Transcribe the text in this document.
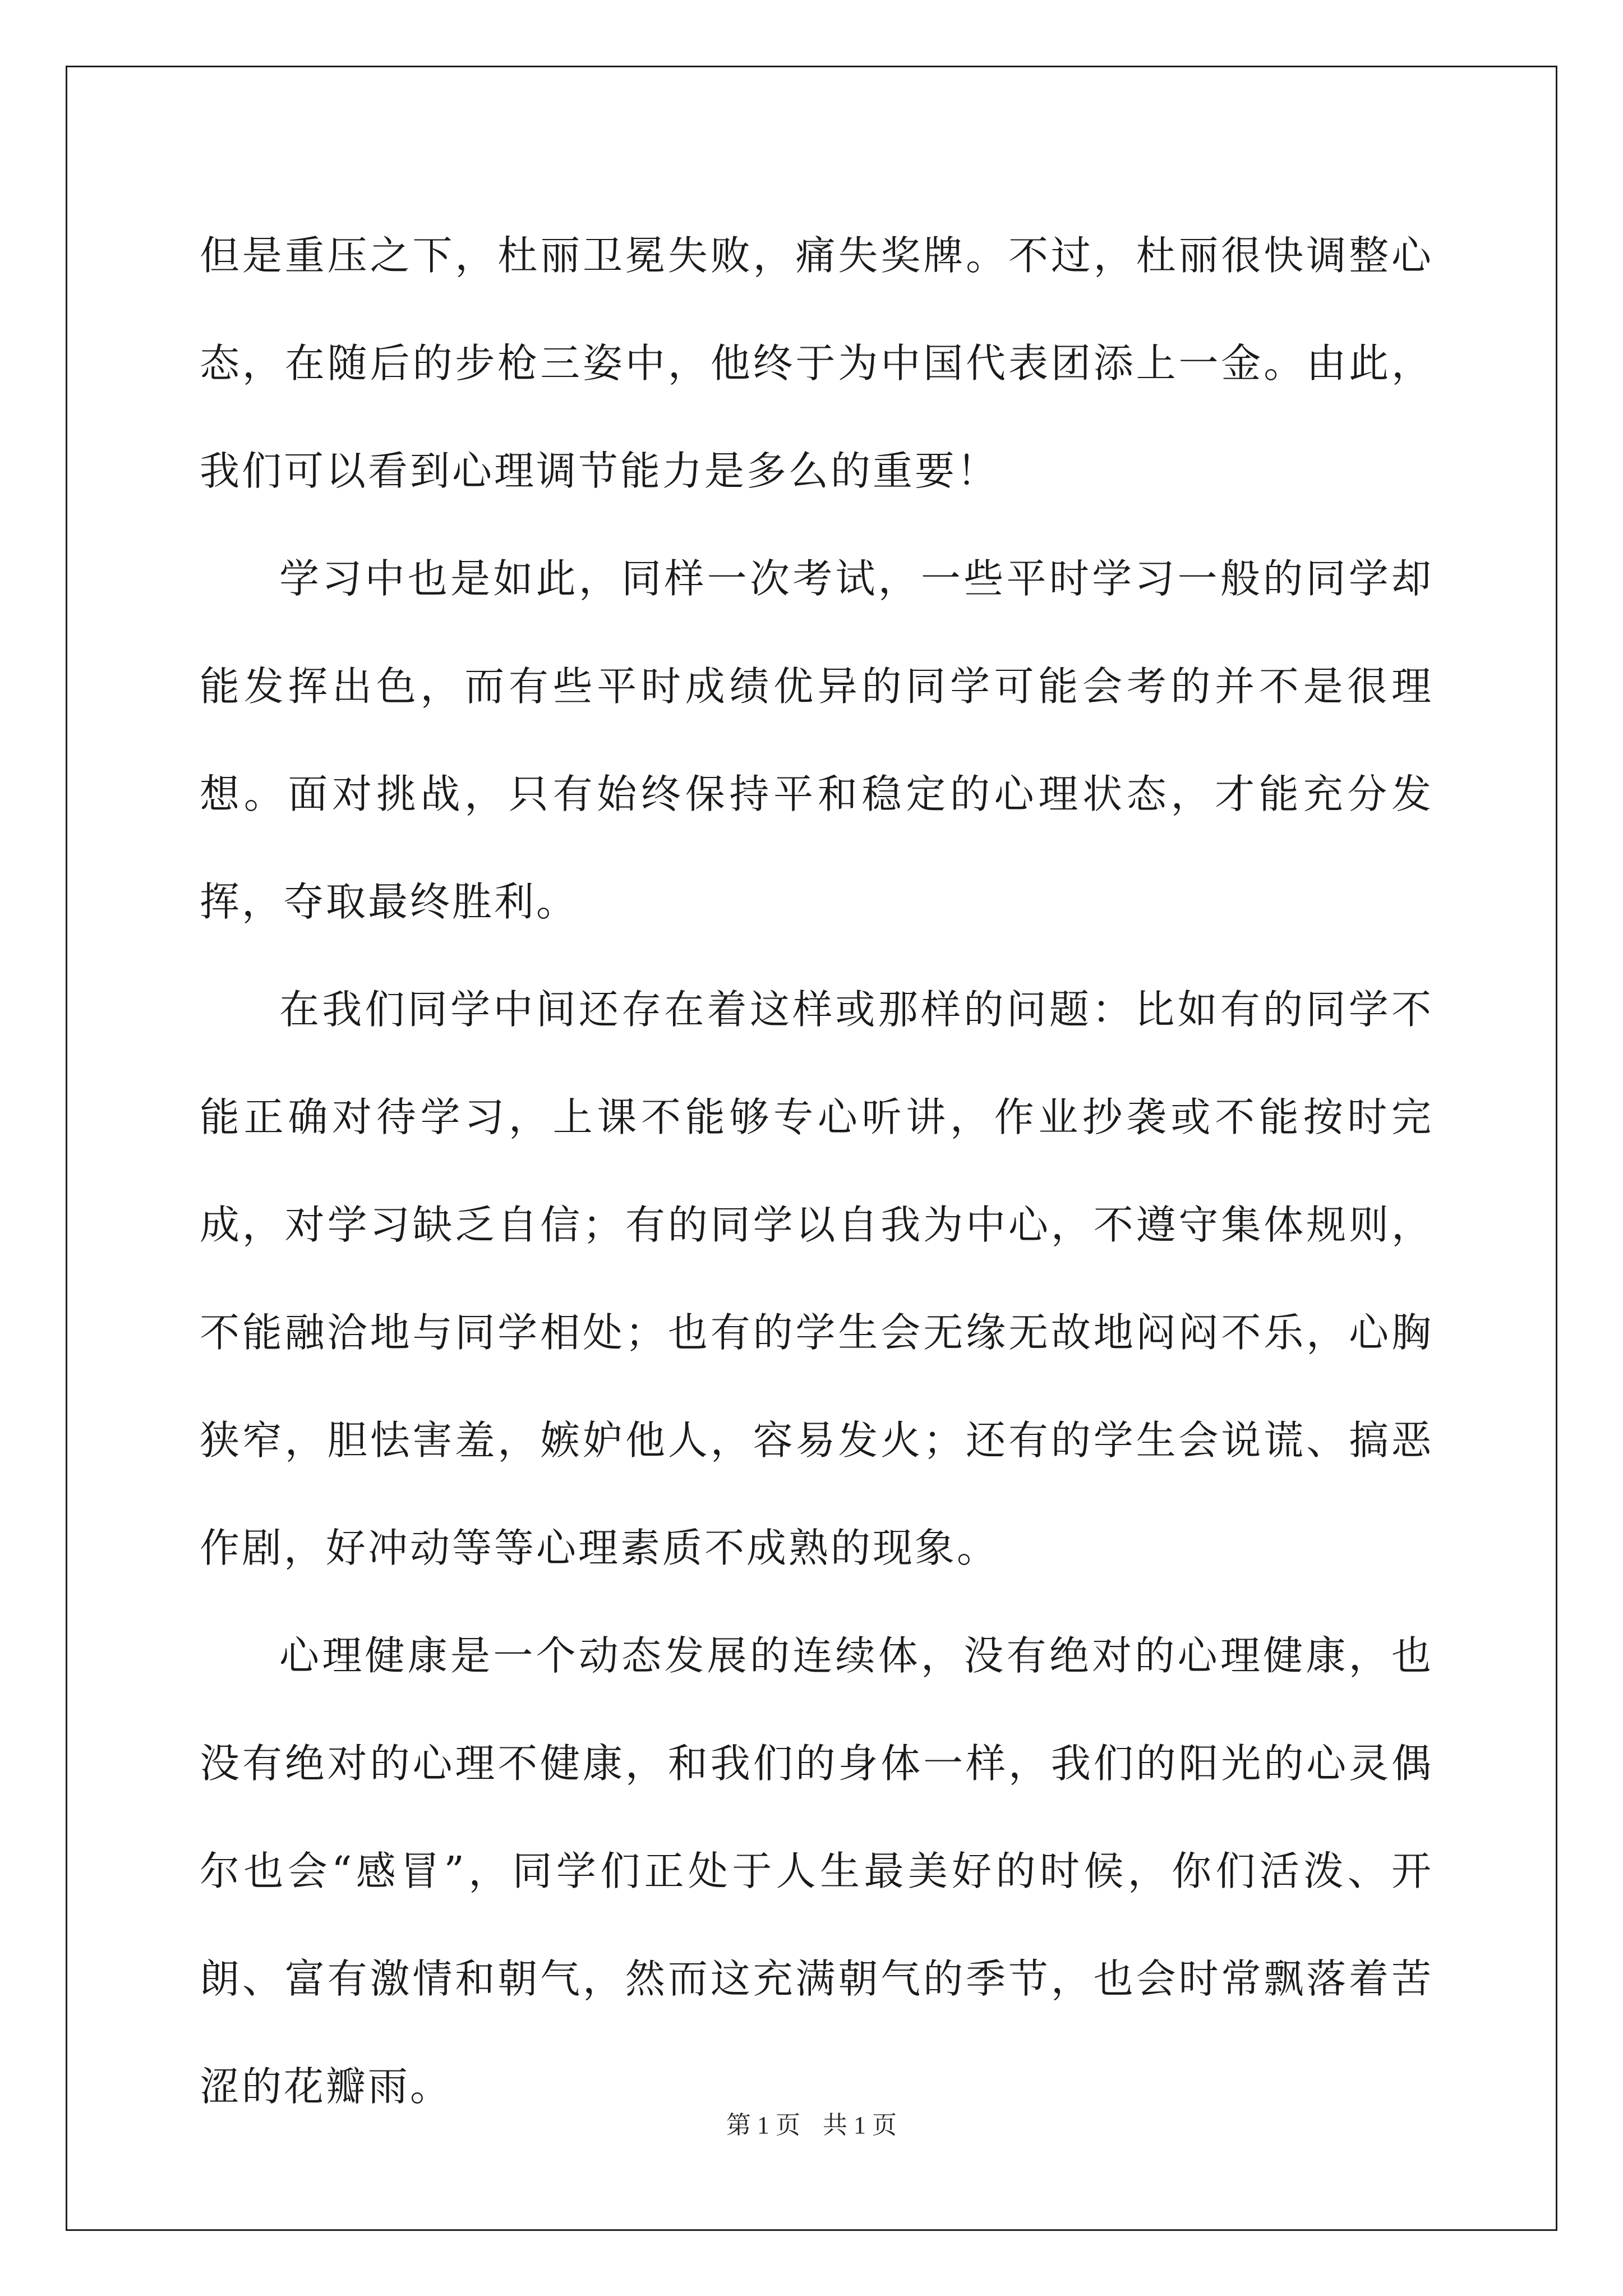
但是重压之下，杜丽卫冕失败，痛失奖牌。不过，杜丽很快调整心态，在随后的步枪三姿中，他终于为中国代表团添上一金。由此，我们可以看到心理调节能力是多么的重要！

学习中也是如此，同样一次考试，一些平时学习一般的同学却能发挥出色，而有些平时成绩优异的同学可能会考的并不是很理想。面对挑战，只有始终保持平和稳定的心理状态，才能充分发挥，夺取最终胜利。

在我们同学中间还存在着这样或那样的问题：比如有的同学不能正确对待学习，上课不能够专心听讲，作业抄袭或不能按时完成，对学习缺乏自信；有的同学以自我为中心，不遵守集体规则，不能融洽地与同学相处；也有的学生会无缘无故地闷闷不乐，心胸狭窄，胆怯害羞，嫉妒他人，容易发火；还有的学生会说谎、搞恶作剧，好冲动等等心理素质不成熟的现象。

心理健康是一个动态发展的连续体，没有绝对的心理健康，也没有绝对的心理不健康，和我们的身体一样，我们的阳光的心灵偶尔也会“感冒”，同学们正处于人生最美好的时候，你们活泼、开朗、富有激情和朝气，然而这充满朝气的季节，也会时常飘落着苦涩的花瓣雨。

第 1 页 共 1 页
